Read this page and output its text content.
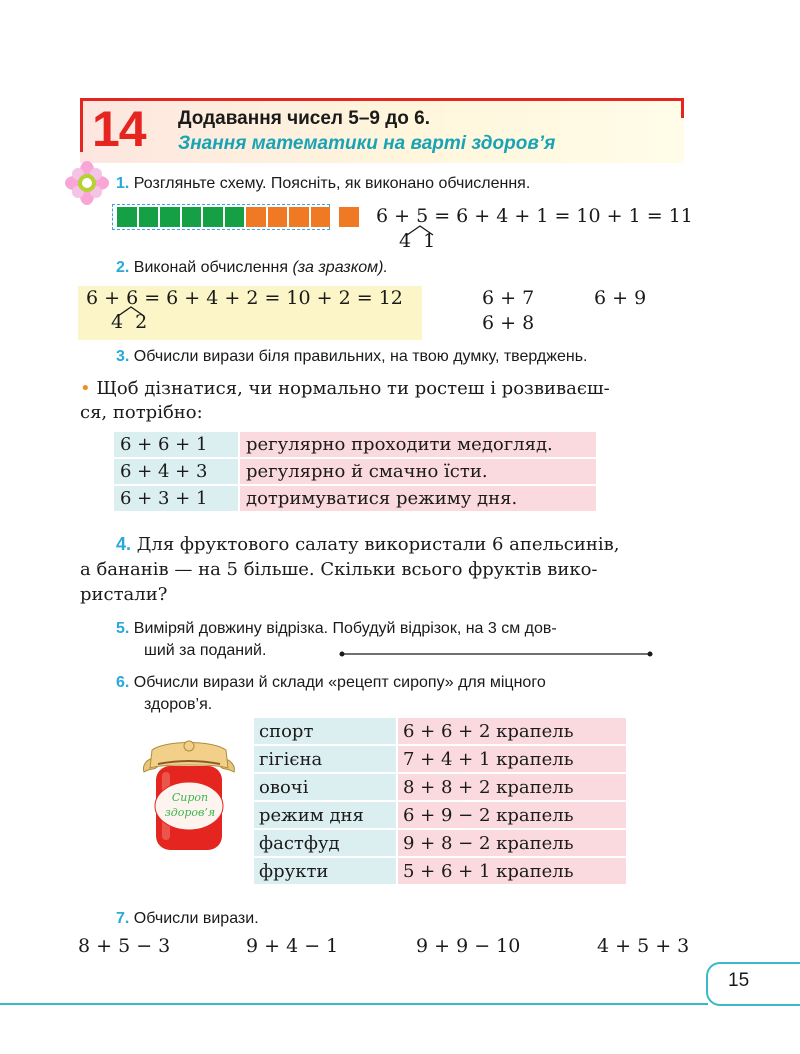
14 Додавання чисел 5–9 до 6.
Знання математики на варті здоров’я
1. Розгляньте схему. Поясніть, як виконано обчислення.
6 + 5 = 6 + 4 + 1 = 10 + 1 = 11
4  1
2. Виконай обчислення (за зразком).
6 + 6 = 6 + 4 + 2 = 10 + 2 = 12
4  2
6 + 7	6 + 9
6 + 8
3. Обчисли вирази біля правильних, на твою думку, тверджень.
• Щоб дізнатися, чи нормально ти ростеш і розвиваєш-
ся, потрібно:
6 + 6 + 1	регулярно проходити медогляд.
6 + 4 + 3	регулярно й смачно їсти.
6 + 3 + 1	дотримуватися режиму дня.
4. Для фруктового салату використали 6 апельсинів,
а бананів — на 5 більше. Скільки всього фруктів вико-
ристали?
5. Виміряй довжину відрізка. Побудуй відрізок, на 3 см дов-
ший за поданий.
6. Обчисли вирази й склади «рецепт сиропу» для міцного
здоров’я.
Сироп
здоров’я
спорт	6 + 6 + 2 крапель
гігієна	7 + 4 + 1 крапель
овочі	8 + 8 + 2 крапель
режим дня	6 + 9 − 2 крапель
фастфуд	9 + 8 − 2 крапель
фрукти	5 + 6 + 1 крапель
7. Обчисли вирази.
8 + 5 − 3	9 + 4 − 1	9 + 9 − 10	4 + 5 + 3
15
